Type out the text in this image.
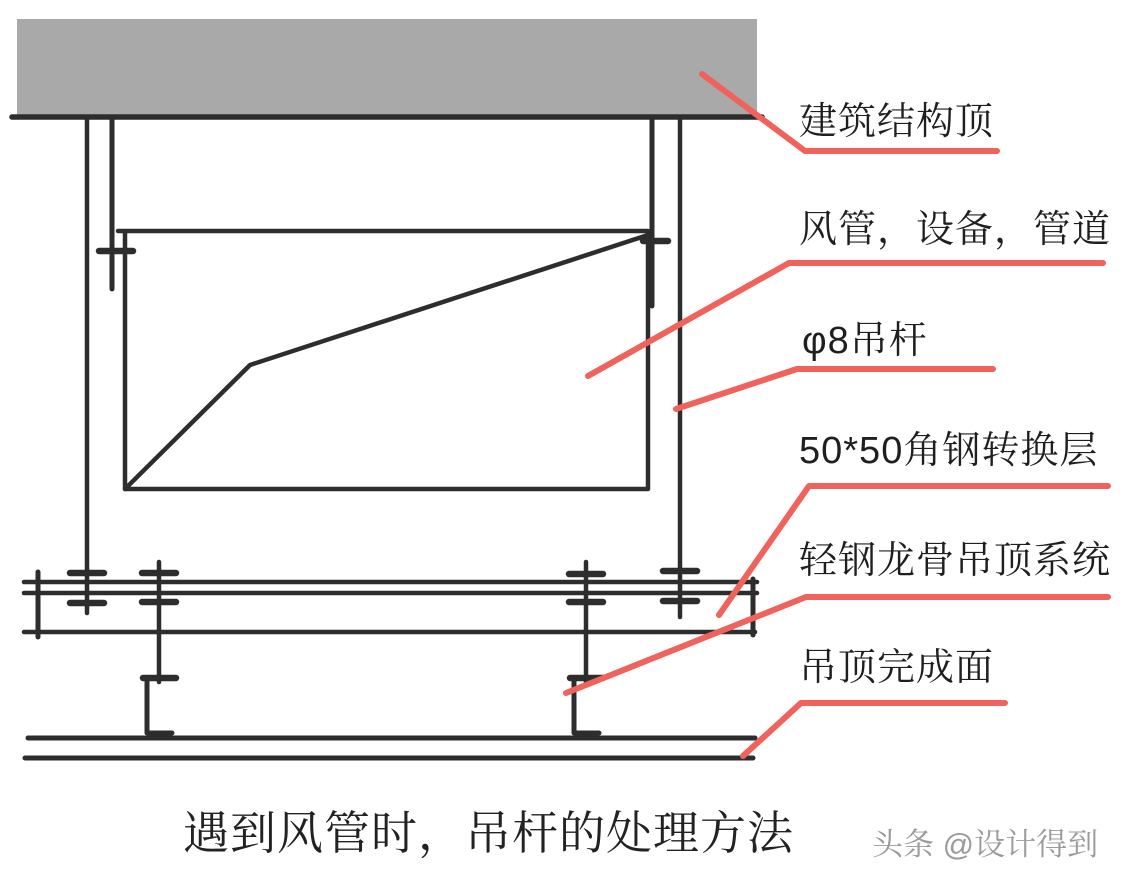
建筑结构顶
风管，设备，管道
φ8吊杆
50*50角钢转换层
轻钢龙骨吊顶系统
吊顶完成面
遇到风管时，吊杆的处理方法	头条 @设计得到
